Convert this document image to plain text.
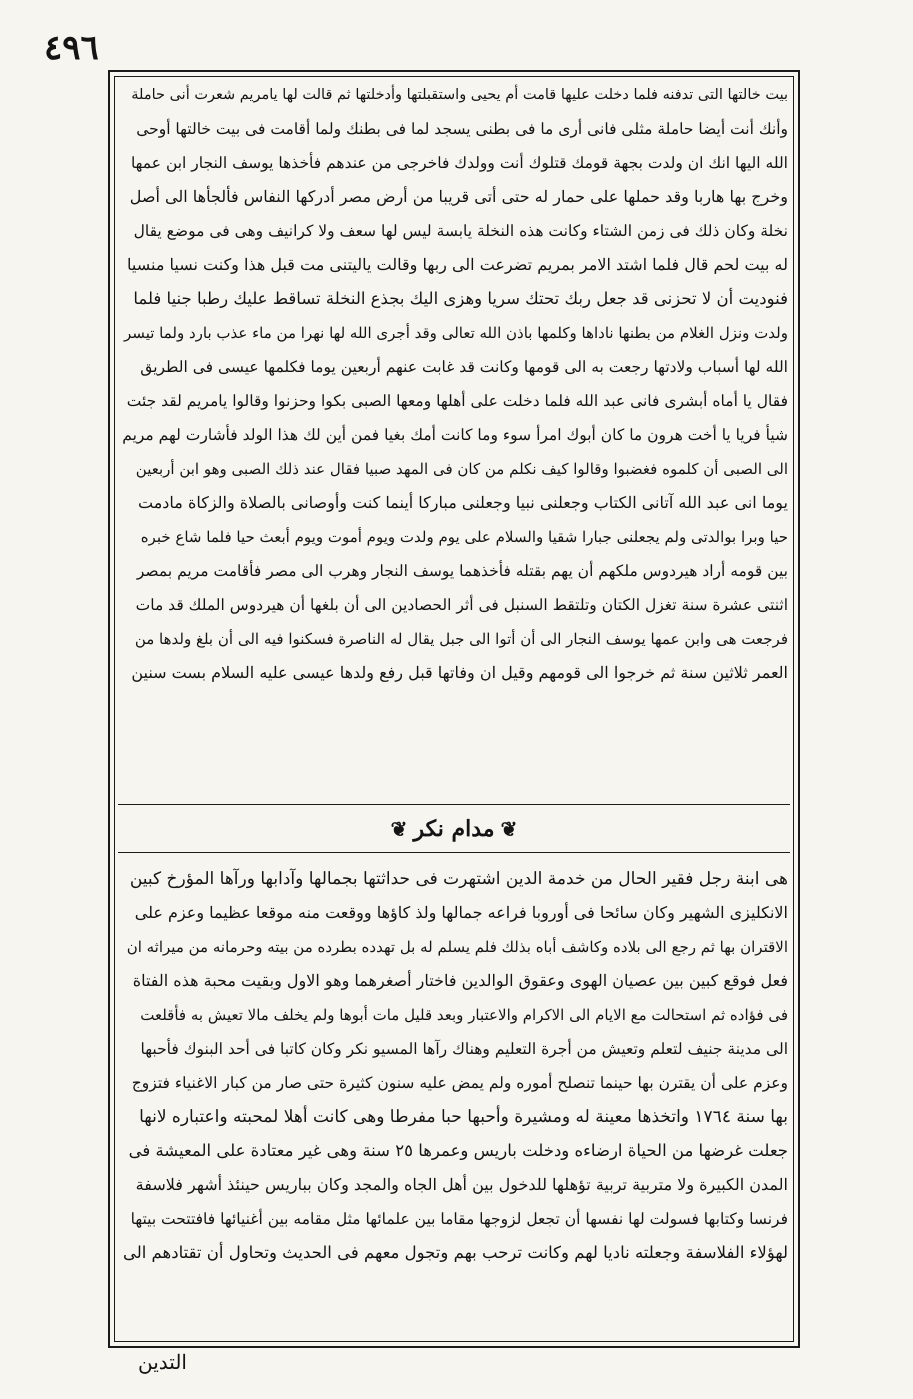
٤٩٦
بيت خالتها التى تدفنه فلما دخلت عليها قامت أم يحيى واستقبلتها وأدخلتها ثم قالت لها يامريم شعرت أنى حاملة
وأنك أنت أيضا حاملة مثلى فانى أرى ما فى بطنى يسجد لما فى بطنك ولما أقامت فى بيت خالتها أوحى
الله اليها انك ان ولدت بجهة قومك قتلوك أنت وولدك فاخرجى من عندهم فأخذها يوسف النجار ابن عمها
وخرج بها هاربا وقد حملها على حمار له حتى أتى قريبا من أرض مصر أدركها النفاس فألجأها الى أصل
نخلة وكان ذلك فى زمن الشتاء وكانت هذه النخلة يابسة ليس لها سعف ولا كرانيف وهى فى موضع يقال
له بيت لحم قال فلما اشتد الامر بمريم تضرعت الى ربها وقالت ياليتنى مت قبل هذا وكنت نسيا منسيا
فنوديت أن لا تحزنى قد جعل ربك تحتك سريا وهزى اليك بجذع النخلة تساقط عليك رطبا جنيا فلما
ولدت ونزل الغلام من بطنها ناداها وكلمها باذن الله تعالى وقد أجرى الله لها نهرا من ماء عذب بارد ولما تيسر
الله لها أسباب ولادتها رجعت به الى قومها وكانت قد غابت عنهم أربعين يوما فكلمها عيسى فى الطريق
فقال يا أماه أبشرى فانى عبد الله فلما دخلت على أهلها ومعها الصبى بكوا وحزنوا وقالوا يامريم لقد جئت
شيأ فريا يا أخت هرون ما كان أبوك امرأ سوء وما كانت أمك بغيا فمن أين لك هذا الولد فأشارت لهم مريم
الى الصبى أن كلموه فغضبوا وقالوا كيف نكلم من كان فى المهد صبيا فقال عند ذلك الصبى وهو ابن أربعين
يوما انى عبد الله آتانى الكتاب وجعلنى نبيا وجعلنى مباركا أينما كنت وأوصانى بالصلاة والزكاة مادمت
حيا وبرا بوالدتى ولم يجعلنى جبارا شقيا والسلام على يوم ولدت ويوم أموت ويوم أبعث حيا فلما شاع خبره
بين قومه أراد هيردوس ملكهم أن يهم بقتله فأخذهما يوسف النجار وهرب الى مصر فأقامت مريم بمصر
اثنتى عشرة سنة تغزل الكتان وتلتقط السنبل فى أثر الحصادين الى أن بلغها أن هيردوس الملك قد مات
فرجعت هى وابن عمها يوسف النجار الى أن أتوا الى جبل يقال له الناصرة فسكنوا فيه الى أن بلغ ولدها من
العمر ثلاثين سنة ثم خرجوا الى قومهم وقيل ان وفاتها قبل رفع ولدها عيسى عليه السلام بست سنين
❦
مدام نكر
❦
هى ابنة رجل فقير الحال من خدمة الدين اشتهرت فى حداثتها بجمالها وآدابها ورآها المؤرخ كبين
الانكليزى الشهير وكان سائحا فى أوروبا فراعه جمالها ولذ كاؤها ووقعت منه موقعا عظيما وعزم على
الاقتران بها ثم رجع الى بلاده وكاشف أباه بذلك فلم يسلم له بل تهدده بطرده من بيته وحرمانه من ميراثه ان
فعل فوقع كبين بين عصيان الهوى وعقوق الوالدين فاختار أصغرهما وهو الاول وبقيت محبة هذه الفتاة
فى فؤاده ثم استحالت مع الايام الى الاكرام والاعتبار وبعد قليل مات أبوها ولم يخلف مالا تعيش به فأقلعت
الى مدينة جنيف لتعلم وتعيش من أجرة التعليم وهناك رآها المسيو نكر وكان كاتبا فى أحد البنوك فأحبها
وعزم على أن يقترن بها حينما تنصلح أموره ولم يمض عليه سنون كثيرة حتى صار من كبار الاغنياء فتزوج
بها سنة ١٧٦٤ واتخذها معينة له ومشيرة وأحبها حبا مفرطا وهى كانت أهلا لمحبته واعتباره لانها
جعلت غرضها من الحياة ارضاءه ودخلت باريس وعمرها ٢٥ سنة وهى غير معتادة على المعيشة فى
المدن الكبيرة ولا متربية تربية تؤهلها للدخول بين أهل الجاه والمجد وكان بباريس حينئذ أشهر فلاسفة
فرنسا وكتابها فسولت لها نفسها أن تجعل لزوجها مقاما بين علمائها مثل مقامه بين أغنيائها فافتتحت بيتها
لهؤلاء الفلاسفة وجعلته ناديا لهم وكانت ترحب بهم وتجول معهم فى الحديث وتحاول أن تقتادهم الى
التدين
